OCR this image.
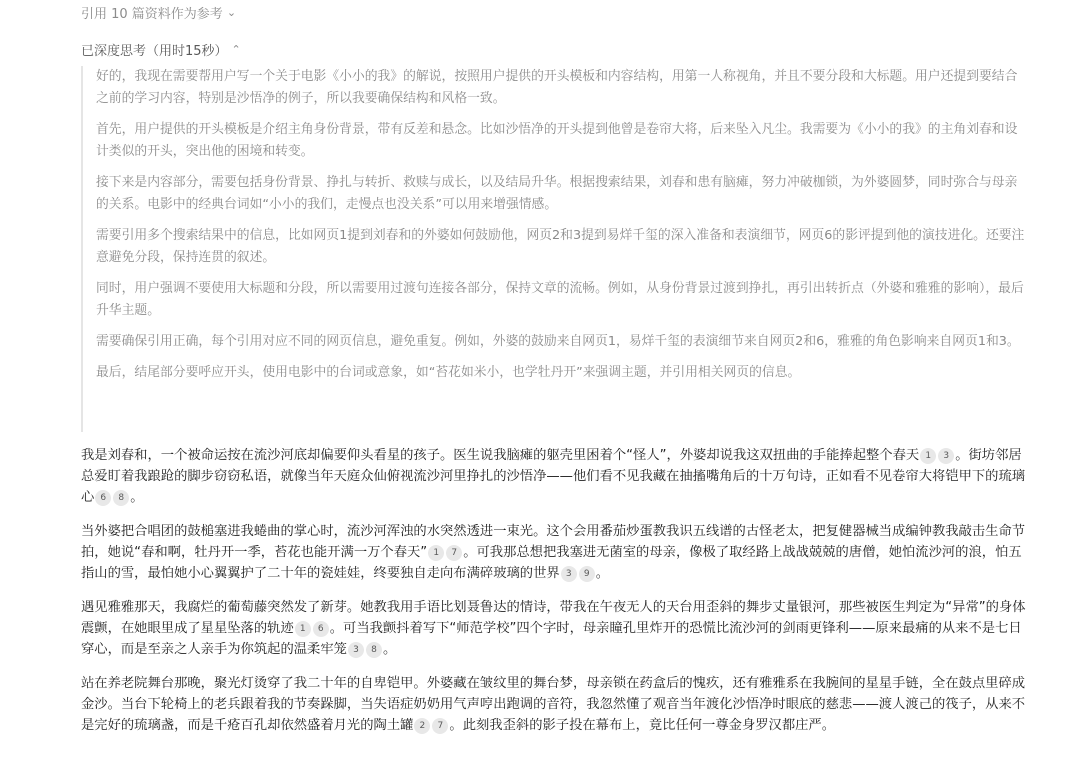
引用 10 篇资料作为参考 ⌄
已深度思考（用时15秒） ⌃

好的，我现在需要帮用户写一个关于电影《小小的我》的解说，按照用户提供的开头模板和内容结构，用第一人称视角，并且不要分段和大标题。用户还提到要结合之前的学习内容，特别是沙悟净的例子，所以我要确保结构和风格一致。

首先，用户提供的开头模板是介绍主角身份背景，带有反差和悬念。比如沙悟净的开头提到他曾是卷帘大将，后来坠入凡尘。我需要为《小小的我》的主角刘春和设计类似的开头，突出他的困境和转变。

接下来是内容部分，需要包括身份背景、挣扎与转折、救赎与成长，以及结局升华。根据搜索结果，刘春和患有脑瘫，努力冲破枷锁，为外婆圆梦，同时弥合与母亲的关系。电影中的经典台词如“小小的我们，走慢点也没关系”可以用来增强情感。

需要引用多个搜索结果中的信息，比如网页1提到刘春和的外婆如何鼓励他，网页2和3提到易烊千玺的深入准备和表演细节，网页6的影评提到他的演技进化。还要注意避免分段，保持连贯的叙述。

同时，用户强调不要使用大标题和分段，所以需要用过渡句连接各部分，保持文章的流畅。例如，从身份背景过渡到挣扎，再引出转折点（外婆和雅雅的影响），最后升华主题。

需要确保引用正确，每个引用对应不同的网页信息，避免重复。例如，外婆的鼓励来自网页1，易烊千玺的表演细节来自网页2和6，雅雅的角色影响来自网页1和3。

最后，结尾部分要呼应开头，使用电影中的台词或意象，如“苔花如米小，也学牡丹开”来强调主题，并引用相关网页的信息。

我是刘春和，一个被命运按在流沙河底却偏要仰头看星的孩子。医生说我脑瘫的躯壳里困着个“怪人”，外婆却说我这双扭曲的手能捧起整个春天 1 3 。街坊邻居总爱盯着我踉跄的脚步窃窃私语，就像当年天庭众仙俯视流沙河里挣扎的沙悟净——他们看不见我藏在抽搐嘴角后的十万句诗，正如看不见卷帘大将铠甲下的琉璃心 6 8 。

当外婆把合唱团的鼓槌塞进我蜷曲的掌心时，流沙河浑浊的水突然透进一束光。这个会用番茄炒蛋教我识五线谱的古怪老太，把复健器械当成编钟教我敲击生命节拍，她说“春和啊，牡丹开一季，苔花也能开满一万个春天” 1 7 。可我那总想把我塞进无菌室的母亲，像极了取经路上战战兢兢的唐僧，她怕流沙河的浪，怕五指山的雪，最怕她小心翼翼护了二十年的瓷娃娃，终要独自走向布满碎玻璃的世界 3 9 。

遇见雅雅那天，我腐烂的葡萄藤突然发了新芽。她教我用手语比划聂鲁达的情诗，带我在午夜无人的天台用歪斜的舞步丈量银河，那些被医生判定为“异常”的身体震颤，在她眼里成了星星坠落的轨迹 1 6 。可当我颤抖着写下“师范学校”四个字时，母亲瞳孔里炸开的恐慌比流沙河的剑雨更锋利——原来最痛的从来不是七日穿心，而是至亲之人亲手为你筑起的温柔牢笼 3 8 。

站在养老院舞台那晚，聚光灯烫穿了我二十年的自卑铠甲。外婆藏在皱纹里的舞台梦，母亲锁在药盒后的愧疚，还有雅雅系在我腕间的星星手链，全在鼓点里碎成金沙。当台下轮椅上的老兵跟着我的节奏跺脚，当失语症奶奶用气声哼出跑调的音符，我忽然懂了观音当年渡化沙悟净时眼底的慈悲——渡人渡己的筏子，从来不是完好的琉璃盏，而是千疮百孔却依然盛着月光的陶土罐 2 7 。此刻我歪斜的影子投在幕布上，竟比任何一尊金身罗汉都庄严。
